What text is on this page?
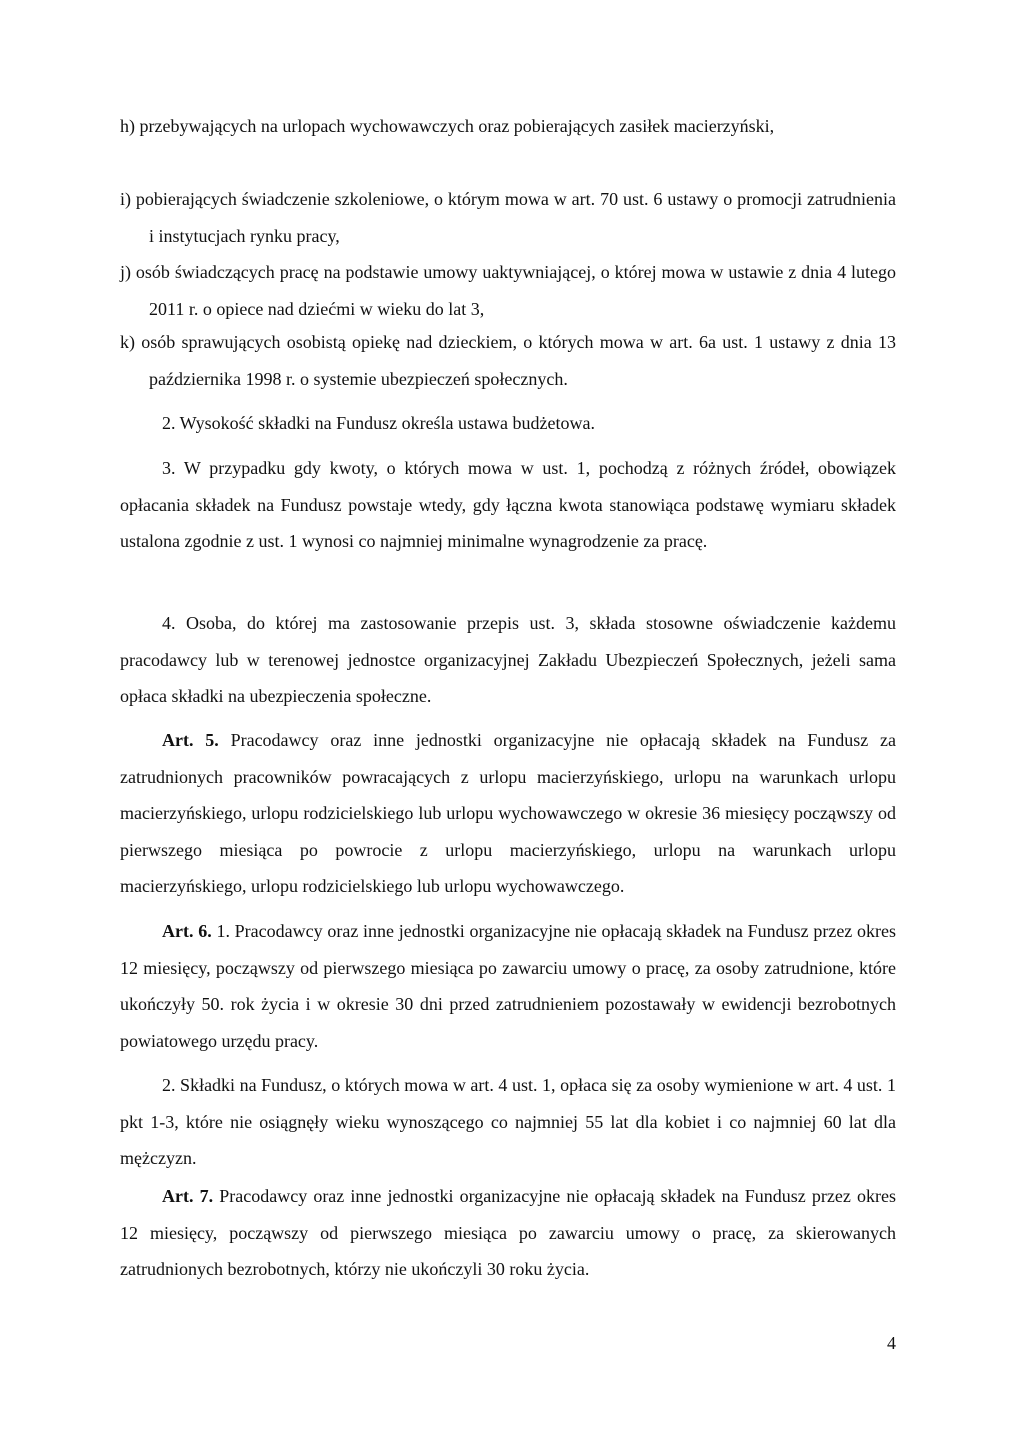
h) przebywających na urlopach wychowawczych oraz pobierających zasiłek macierzyński,

i) pobierających świadczenie szkoleniowe, o którym mowa w art. 70 ust. 6 ustawy o promocji zatrudnienia i instytucjach rynku pracy,

j) osób świadczących pracę na podstawie umowy uaktywniającej, o której mowa w ustawie z dnia 4 lutego 2011 r. o opiece nad dziećmi w wieku do lat 3,

k) osób sprawujących osobistą opiekę nad dzieckiem, o których mowa w art. 6a ust. 1 ustawy z dnia 13 października 1998 r. o systemie ubezpieczeń społecznych.

2. Wysokość składki na Fundusz określa ustawa budżetowa.

3. W przypadku gdy kwoty, o których mowa w ust. 1, pochodzą z różnych źródeł, obowiązek opłacania składek na Fundusz powstaje wtedy, gdy łączna kwota stanowiąca podstawę wymiaru składek ustalona zgodnie z ust. 1 wynosi co najmniej minimalne wynagrodzenie za pracę.

4. Osoba, do której ma zastosowanie przepis ust. 3, składa stosowne oświadczenie każdemu pracodawcy lub w terenowej jednostce organizacyjnej Zakładu Ubezpieczeń Społecznych, jeżeli sama opłaca składki na ubezpieczenia społeczne.

Art. 5. Pracodawcy oraz inne jednostki organizacyjne nie opłacają składek na Fundusz za zatrudnionych pracowników powracających z urlopu macierzyńskiego, urlopu na warunkach urlopu macierzyńskiego, urlopu rodzicielskiego lub urlopu wychowawczego w okresie 36 miesięcy począwszy od pierwszego miesiąca po powrocie z urlopu macierzyńskiego, urlopu na warunkach urlopu macierzyńskiego, urlopu rodzicielskiego lub urlopu wychowawczego.

Art. 6. 1. Pracodawcy oraz inne jednostki organizacyjne nie opłacają składek na Fundusz przez okres 12 miesięcy, począwszy od pierwszego miesiąca po zawarciu umowy o pracę, za osoby zatrudnione, które ukończyły 50. rok życia i w okresie 30 dni przed zatrudnieniem pozostawały w ewidencji bezrobotnych powiatowego urzędu pracy.

2. Składki na Fundusz, o których mowa w art. 4 ust. 1, opłaca się za osoby wymienione w art. 4 ust. 1 pkt 1-3, które nie osiągnęły wieku wynoszącego co najmniej 55 lat dla kobiet i co najmniej 60 lat dla mężczyzn.

Art. 7. Pracodawcy oraz inne jednostki organizacyjne nie opłacają składek na Fundusz przez okres 12 miesięcy, począwszy od pierwszego miesiąca po zawarciu umowy o pracę, za skierowanych zatrudnionych bezrobotnych, którzy nie ukończyli 30 roku życia.

4
